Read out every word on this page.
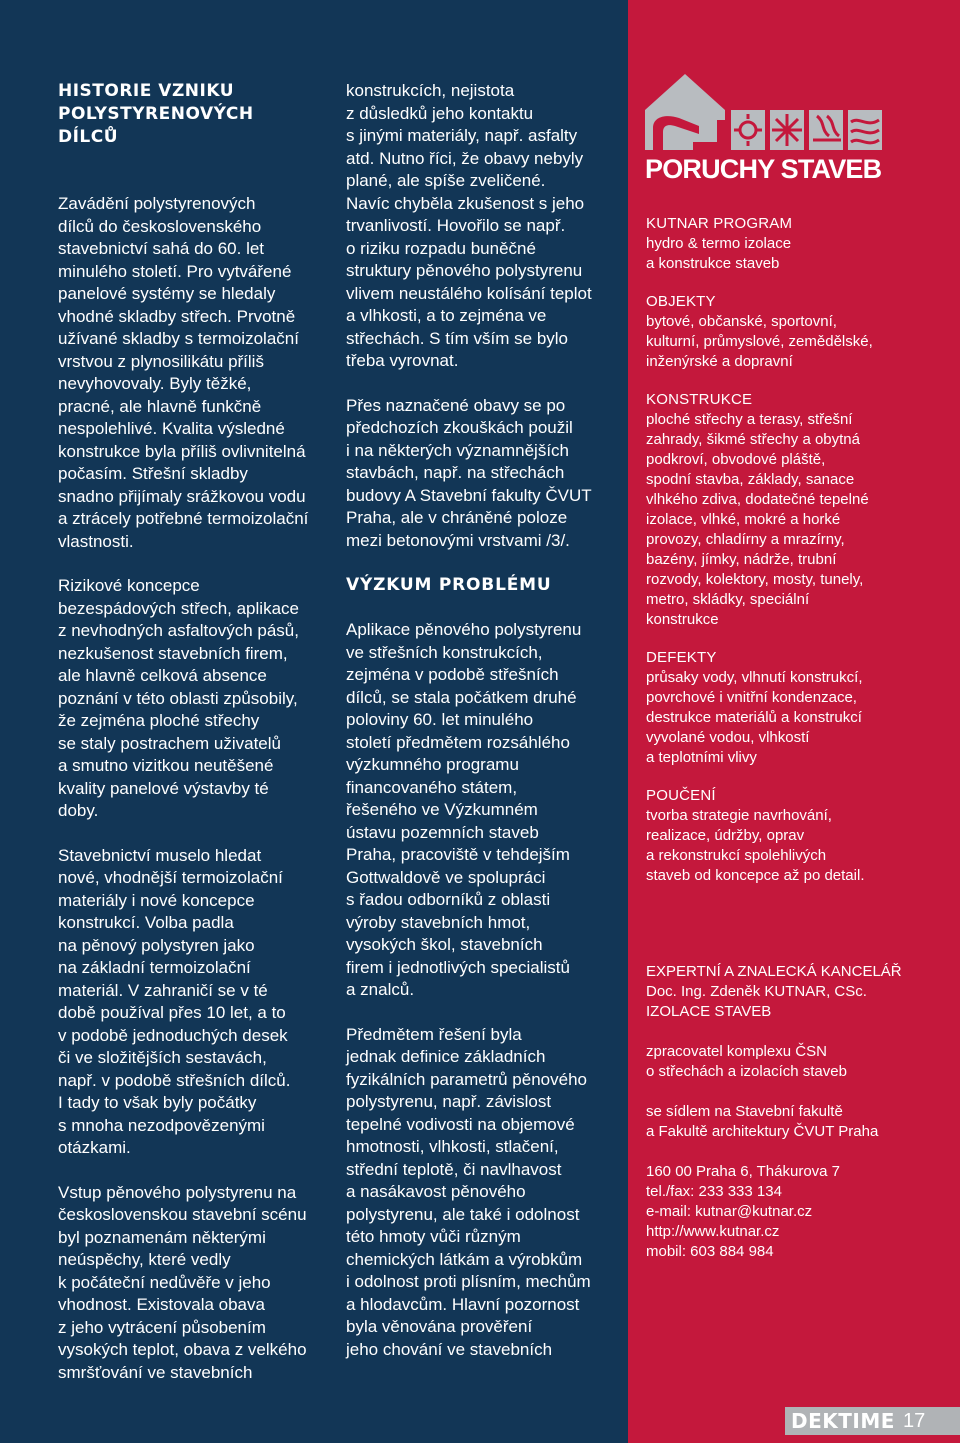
HISTORIE VZNIKU
POLYSTYRENOVÝCH
DÍLCŮ

Zavádění polystyrenových
dílců do československého
stavebnictví sahá do 60. let
minulého století. Pro vytvářené
panelové systémy se hledaly
vhodné skladby střech. Prvotně
užívané skladby s termoizolační
vrstvou z plynosilikátu příliš
nevyhovovaly. Byly těžké,
pracné, ale hlavně funkčně
nespolehlivé. Kvalita výsledné
konstrukce byla příliš ovlivnitelná
počasím. Střešní skladby
snadno přijímaly srážkovou vodu
a ztrácely potřebné termoizolační
vlastnosti.

Rizikové koncepce
bezespádových střech, aplikace
z nevhodných asfaltových pásů,
nezkušenost stavebních firem,
ale hlavně celková absence
poznání v této oblasti způsobily,
že zejména ploché střechy
se staly postrachem uživatelů
a smutno vizitkou neutěšené
kvality panelové výstavby té
doby.

Stavebnictví muselo hledat
nové, vhodnější termoizolační
materiály i nové koncepce
konstrukcí. Volba padla
na pěnový polystyren jako
na základní termoizolační
materiál. V zahraničí se v té
době používal přes 10 let, a to
v podobě jednoduchých desek
či ve složitějších sestavách,
např. v podobě střešních dílců.
I tady to však byly počátky
s mnoha nezodpovězenými
otázkami.

Vstup pěnového polystyrenu na
československou stavební scénu
byl poznamenám některými
neúspěchy, které vedly
k počáteční nedůvěře v jeho
vhodnost. Existovala obava
z jeho vytrácení působením
vysokých teplot, obava z velkého
smršťování ve stavebních

konstrukcích, nejistota
z důsledků jeho kontaktu
s jinými materiály, např. asfalty
atd. Nutno říci, že obavy nebyly
plané, ale spíše zveličené.
Navíc chyběla zkušenost s jeho
trvanlivostí. Hovořilo se např.
o riziku rozpadu buněčné
struktury pěnového polystyrenu
vlivem neustálého kolísání teplot
a vlhkosti, a to zejména ve
střechách. S tím vším se bylo
třeba vyrovnat.

Přes naznačené obavy se po
předchozích zkouškách použil
i na některých významnějších
stavbách, např. na střechách
budovy A Stavební fakulty ČVUT
Praha, ale v chráněné poloze
mezi betonovými vrstvami /3/.

VÝZKUM PROBLÉMU

Aplikace pěnového polystyrenu
ve střešních konstrukcích,
zejména v podobě střešních
dílců, se stala počátkem druhé
poloviny 60. let minulého
století předmětem rozsáhlého
výzkumného programu
financovaného státem,
řešeného ve Výzkumném
ústavu pozemních staveb
Praha, pracoviště v tehdejším
Gottwaldově ve spolupráci
s řadou odborníků z oblasti
výroby stavebních hmot,
vysokých škol, stavebních
firem i jednotlivých specialistů
a znalců.

Předmětem řešení byla
jednak definice základních
fyzikálních parametrů pěnového
polystyrenu, např. závislost
tepelné vodivosti na objemové
hmotnosti, vlhkosti, stlačení,
střední teplotě, či navlhavost
a nasákavost pěnového
polystyrenu, ale také i odolnost
této hmoty vůči různým
chemických látkám a výrobkům
i odolnost proti plísním, mechům
a hlodavcům. Hlavní pozornost
byla věnována prověření
jeho chování ve stavebních

PORUCHY STAVEB
KUTNAR PROGRAM
hydro & termo izolace
a konstrukce staveb
OBJEKTY
bytové, občanské, sportovní,
kulturní, průmyslové, zemědělské,
inženýrské a dopravní
KONSTRUKCE
ploché střechy a terasy, střešní
zahrady, šikmé střechy a obytná
podkroví, obvodové pláště,
spodní stavba, základy, sanace
vlhkého zdiva, dodatečné tepelné
izolace, vlhké, mokré a horké
provozy, chladírny a mrazírny,
bazény, jímky, nádrže, trubní
rozvody, kolektory, mosty, tunely,
metro, skládky, speciální
konstrukce
DEFEKTY
průsaky vody, vlhnutí konstrukcí,
povrchové i vnitřní kondenzace,
destrukce materiálů a konstrukcí
vyvolané vodou, vlhkostí
a teplotními vlivy
POUČENÍ
tvorba strategie navrhování,
realizace, údržby, oprav
a rekonstrukcí spolehlivých
staveb od koncepce až po detail.
EXPERTNÍ A ZNALECKÁ KANCELÁŘ
Doc. Ing. Zdeněk KUTNAR, CSc.
IZOLACE STAVEB
zpracovatel komplexu ČSN
o střechách a izolacích staveb
se sídlem na Stavební fakultě
a Fakultě architektury ČVUT Praha
160 00 Praha 6, Thákurova 7
tel./fax: 233 333 134
e-mail: kutnar@kutnar.cz
http://www.kutnar.cz
mobil: 603 884 984
DEKTIME 17
